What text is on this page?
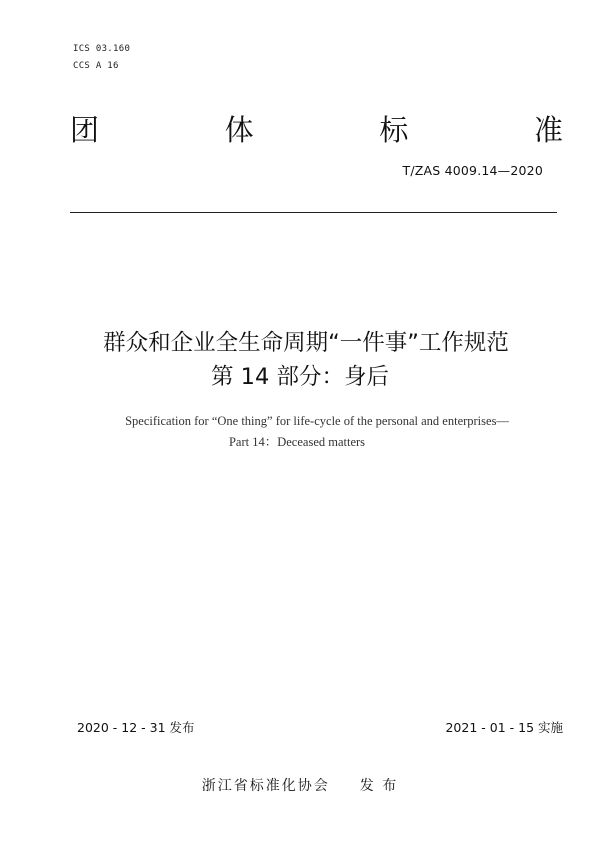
ICS 03.160
CCS A 16
团	体	标	准
T/ZAS 4009.14—2020
群众和企业全生命周期“一件事”工作规范
第 14 部分：身后
Specification for “One thing” for life-cycle of the personal and enterprises—
Part 14：Deceased matters
2020 - 12 - 31 发布	2021 - 01 - 15 实施
浙江省标准化协会 发 布
